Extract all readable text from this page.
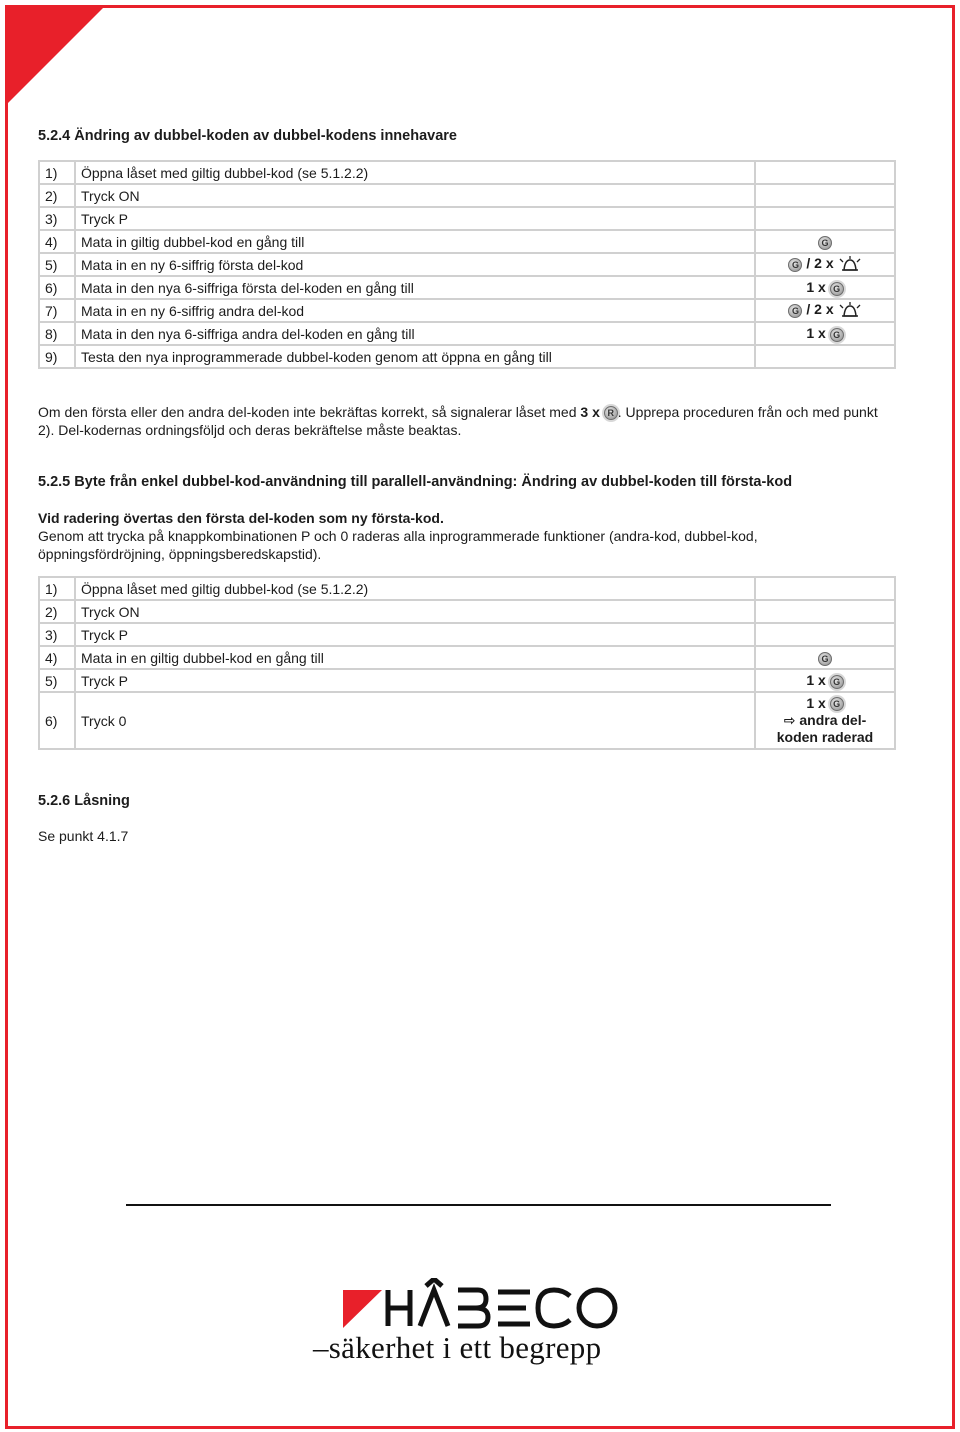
5.2.4 Ändring av dubbel-koden av dubbel-kodens innehavare
1)	Öppna låset med giltig dubbel-kod (se 5.1.2.2)	
2)	Tryck ON	
3)	Tryck P	
4)	Mata in giltig dubbel-kod en gång till	G
5)	Mata in en ny 6-siffrig första del-kod	G / 2 x
6)	Mata in den nya 6-siffriga första del-koden en gång till	1 x G
7)	Mata in en ny 6-siffrig andra del-kod	G / 2 x
8)	Mata in den nya 6-siffriga andra del-koden en gång till	1 x G
9)	Testa den nya inprogrammerade dubbel-koden genom att öppna en gång till	
Om den första eller den andra del-koden inte bekräftas korrekt, så signalerar låset med 3 x R . Upprepa proceduren från och med punkt 2). Del-kodernas ordningsföljd och deras bekräftelse måste beaktas.
5.2.5 Byte från enkel dubbel-kod-användning till parallell-användning: Ändring av dubbel-koden till första-kod
Vid radering övertas den första del-koden som ny första-kod.
Genom att trycka på knappkombinationen P och 0 raderas alla inprogrammerade funktioner (andra-kod, dubbel-kod, öppningsfördröjning, öppningsberedskapstid).
1)	Öppna låset med giltig dubbel-kod (se 5.1.2.2)	
2)	Tryck ON	
3)	Tryck P	
4)	Mata in en giltig dubbel-kod en gång till	G
5)	Tryck P	1 x G
6)	Tryck 0	1 x G
⇨ andra del-
koden raderad
5.2.6 Låsning
Se punkt 4.1.7
HÅBECO
–säkerhet i ett begrepp
